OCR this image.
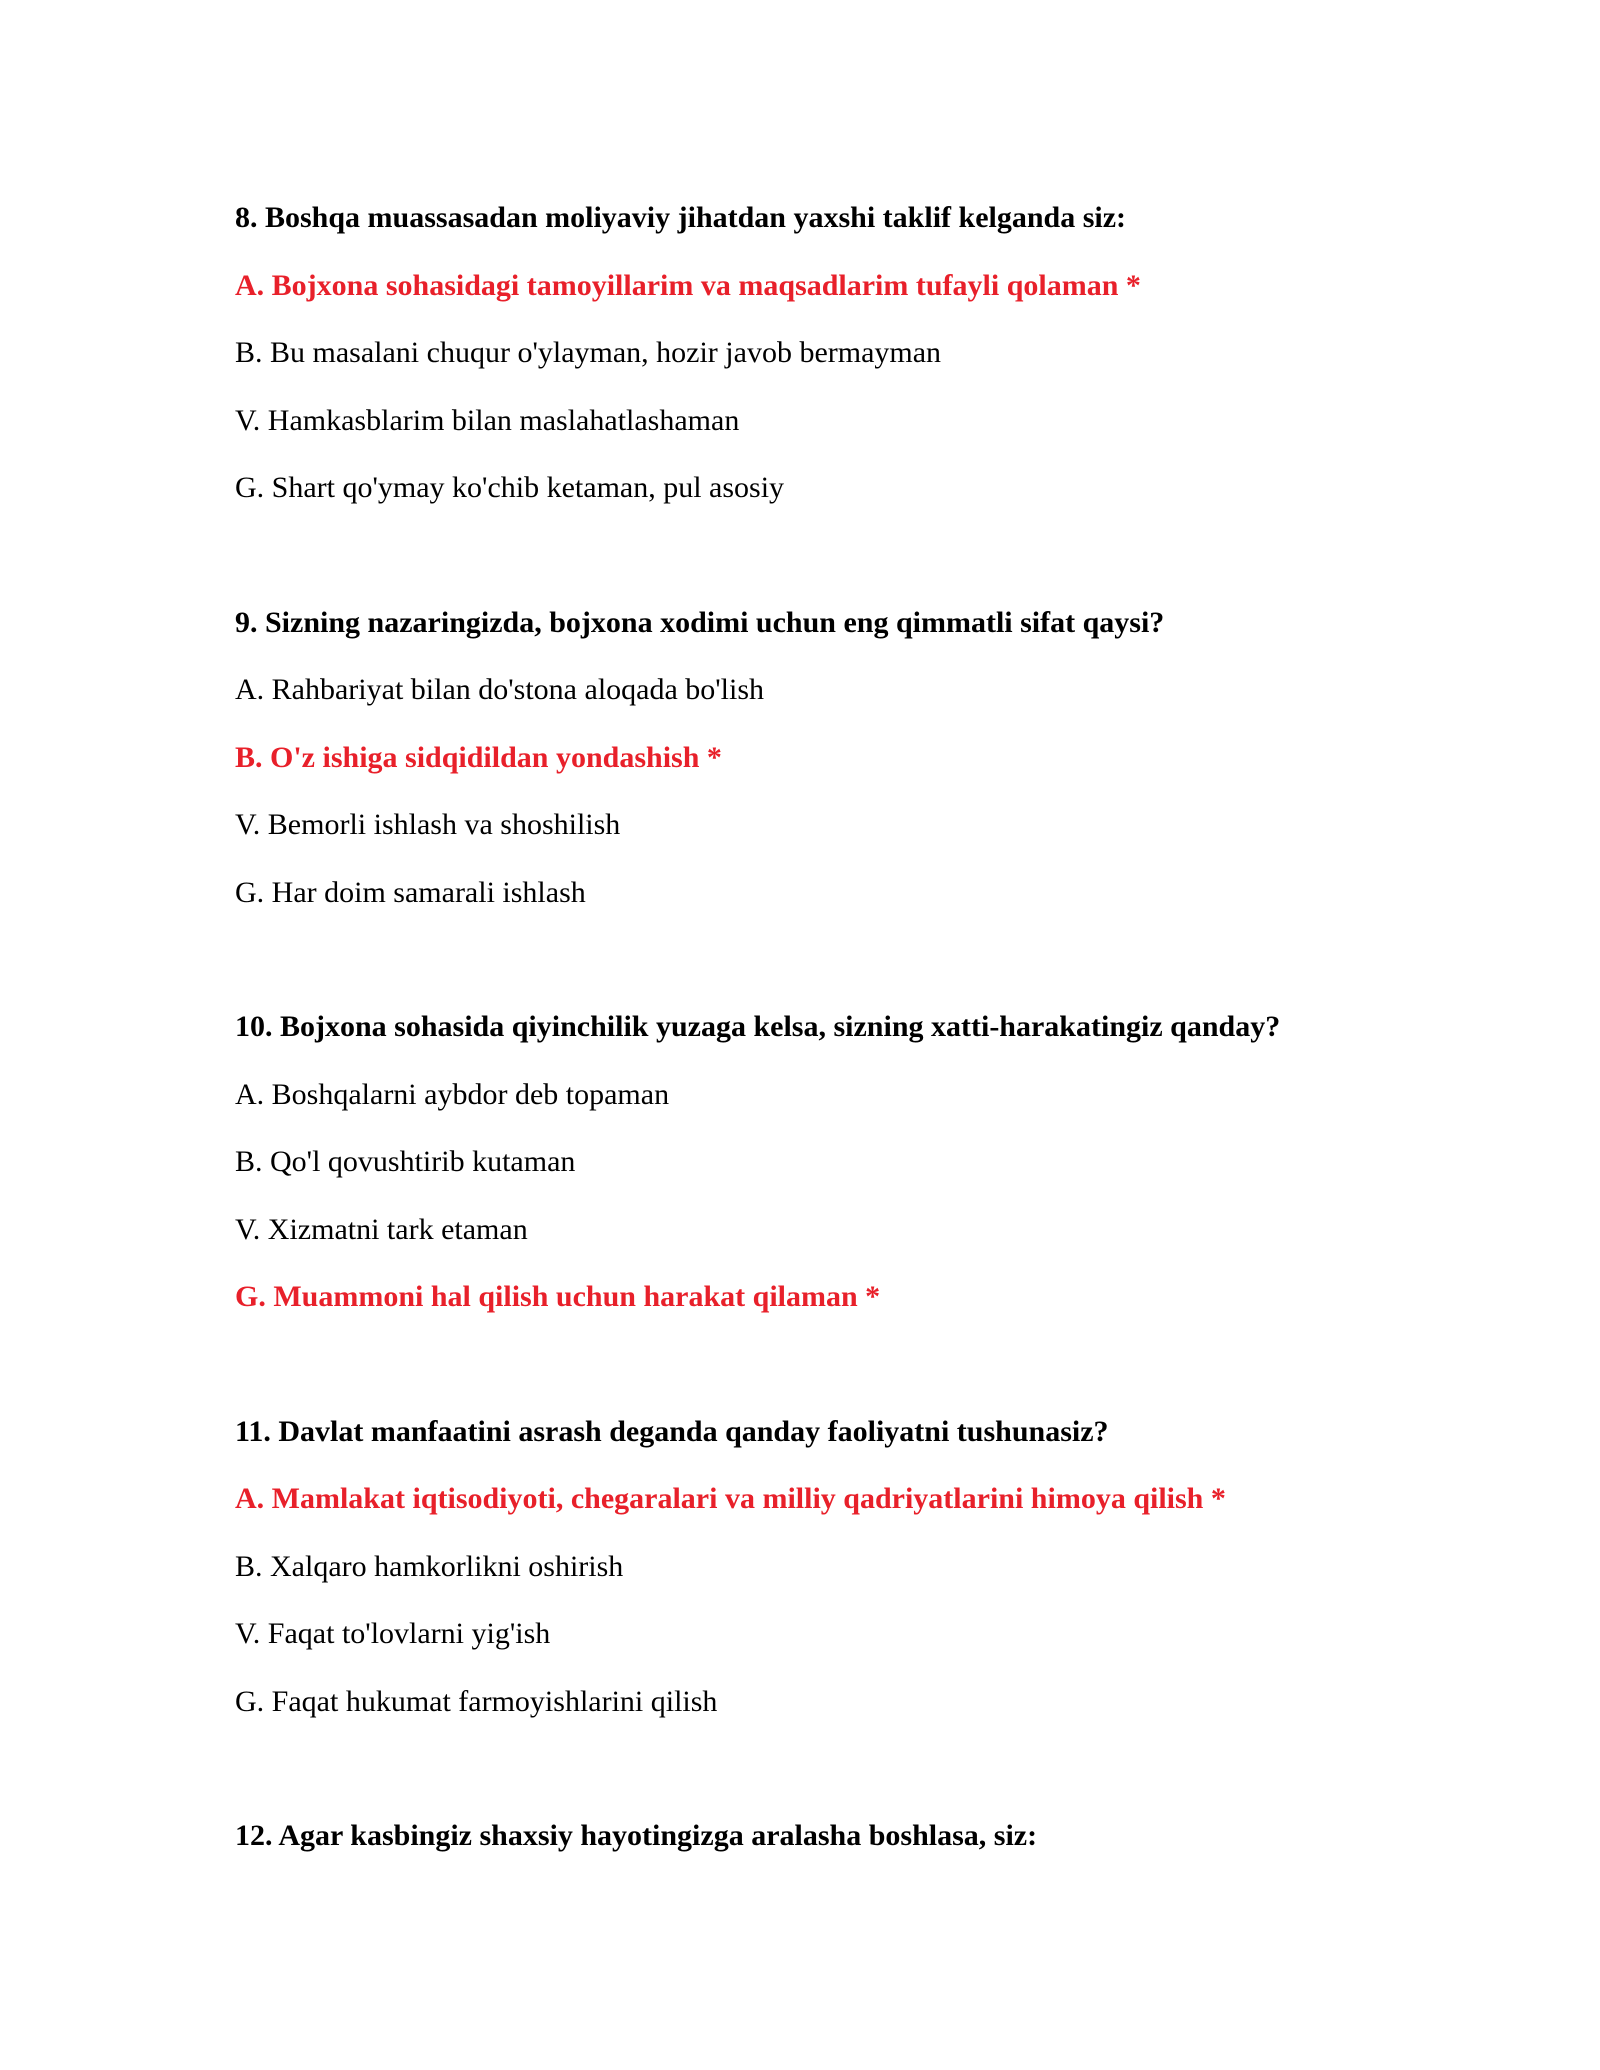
8. Boshqa muassasadan moliyaviy jihatdan yaxshi taklif kelganda siz:
A. Bojxona sohasidagi tamoyillarim va maqsadlarim tufayli qolaman *
B. Bu masalani chuqur o'ylayman, hozir javob bermayman
V. Hamkasblarim bilan maslahatlashaman
G. Shart qo'ymay ko'chib ketaman, pul asosiy
9. Sizning nazaringizda, bojxona xodimi uchun eng qimmatli sifat qaysi?
A. Rahbariyat bilan do'stona aloqada bo'lish
B. O'z ishiga sidqidildan yondashish *
V. Bemorli ishlash va shoshilish
G. Har doim samarali ishlash
10. Bojxona sohasida qiyinchilik yuzaga kelsa, sizning xatti-harakatingiz qanday?
A. Boshqalarni aybdor deb topaman
B. Qo'l qovushtirib kutaman
V. Xizmatni tark etaman
G. Muammoni hal qilish uchun harakat qilaman *
11. Davlat manfaatini asrash deganda qanday faoliyatni tushunasiz?
A. Mamlakat iqtisodiyoti, chegaralari va milliy qadriyatlarini himoya qilish *
B. Xalqaro hamkorlikni oshirish
V. Faqat to'lovlarni yig'ish
G. Faqat hukumat farmoyishlarini qilish
12. Agar kasbingiz shaxsiy hayotingizga aralasha boshlasa, siz:
